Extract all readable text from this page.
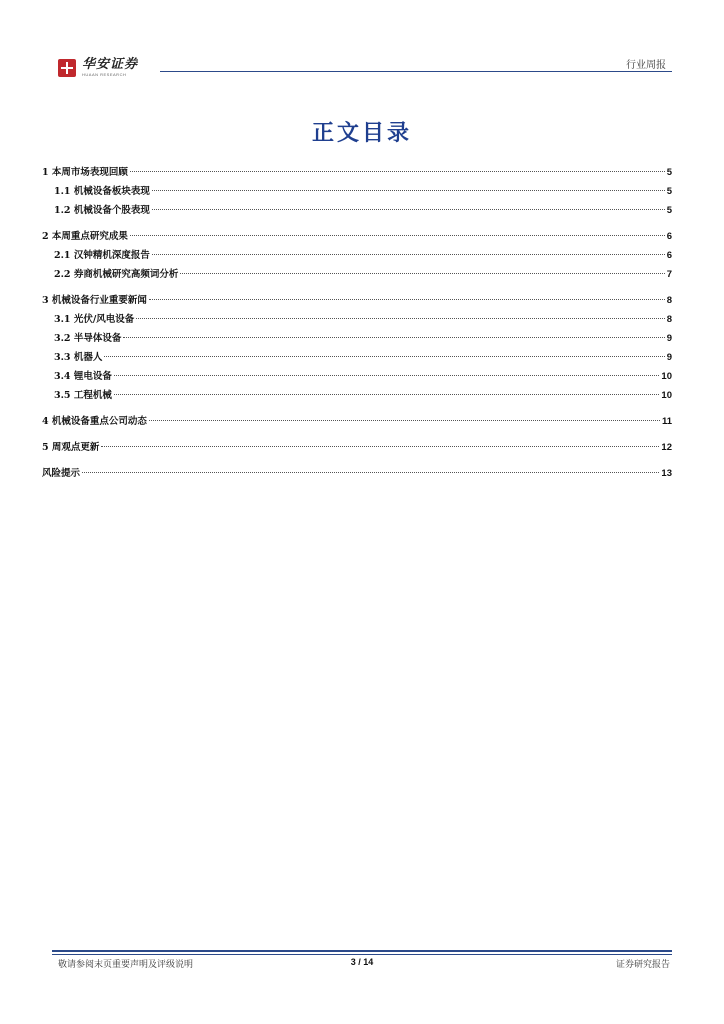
华安证券
HUAAN RESEARCH
行业周报
正文目录
1 本周市场表现回顾	5
1.1 机械设备板块表现	5
1.2 机械设备个股表现	5
2 本周重点研究成果	6
2.1 汉钟精机深度报告	6
2.2 券商机械研究高频词分析	7
3 机械设备行业重要新闻	8
3.1 光伏/风电设备	8
3.2 半导体设备	9
3.3 机器人	9
3.4 锂电设备	10
3.5 工程机械	10
4 机械设备重点公司动态	11
5 周观点更新	12
风险提示	13
敬请参阅末页重要声明及评级说明	3 / 14	证券研究报告
